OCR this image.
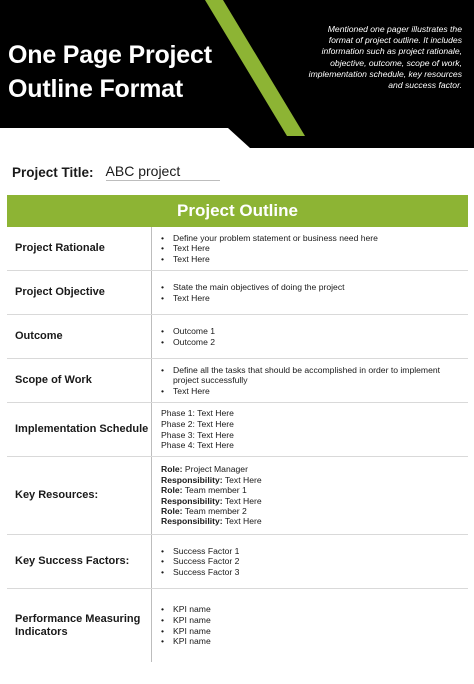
One Page Project Outline Format

Mentioned one pager illustrates the format of project outline. It includes information such as project rationale, objective, outcome, scope of work, implementation schedule, key resources and success factor.

Project Title: ABC project
Project Outline
Project Rationale
• Define your problem statement or business need here
• Text Here
• Text Here
Project Objective	• State the main objectives of doing the project
• Text Here
Outcome	• Outcome 1
• Outcome 2
Scope of Work
• Define all the tasks that should be accomplished in order to implement project successfully
• Text Here
Implementation Schedule
Phase 1: Text Here
Phase 2: Text Here
Phase 3: Text Here
Phase 4: Text Here
Key Resources:
Role: Project Manager
Responsibility: Text Here
Role: Team member 1
Responsibility: Text Here
Role: Team member 2
Responsibility: Text Here
Key Success Factors:
• Success Factor 1
• Success Factor 2
• Success Factor 3
Performance Measuring Indicators
• KPI name
• KPI name
• KPI name
• KPI name
